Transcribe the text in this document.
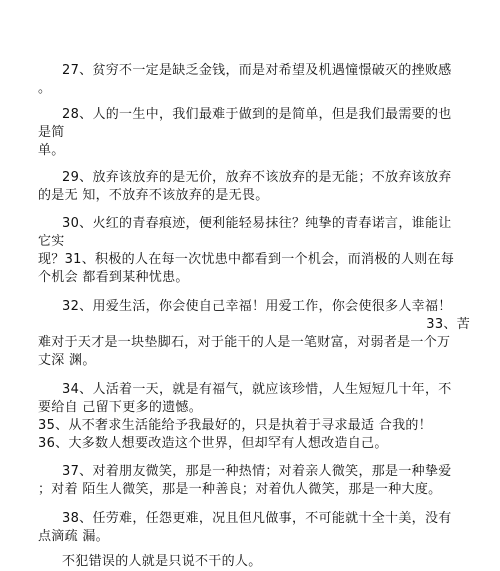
27、贫穷不一定是缺乏金钱，而是对希望及机遇憧憬破灭的挫败感
。
28、人的一生中，我们最难于做到的是简单，但是我们最需要的也
是简
单。
29、放弃该放弃的是无价，放弃不该放弃的是无能；不放弃该放弃
的是无 知，不放弃不该放弃的是无畏。
30、火红的青春痕迹，便利能轻易抹往？纯挚的青春诺言，谁能让
它实
现？31、积极的人在每一次忧患中都看到一个机会，而消极的人则在每
个机会 都看到某种忧患。
32、用爱生活，你会使自己幸福！用爱工作，你会使很多人幸福！
33、苦
难对于天才是一块垫脚石，对于能干的人是一笔财富，对弱者是一个万
丈深 渊。
34、人活着一天，就是有福气，就应该珍惜，人生短短几十年，不
要给自 己留下更多的遗憾。
35、从不奢求生活能给予我最好的，只是执着于寻求最适 合我的！
36、大多数人想要改造这个世界，但却罕有人想改造自己。
37、对着朋友微笑，那是一种热情；对着亲人微笑，那是一种挚爱
；对着 陌生人微笑，那是一种善良；对着仇人微笑，那是一种大度。
38、任劳难，任怨更难，况且但凡做事，不可能就十全十美，没有
点滴疏 漏。
不犯错误的人就是只说不干的人。
